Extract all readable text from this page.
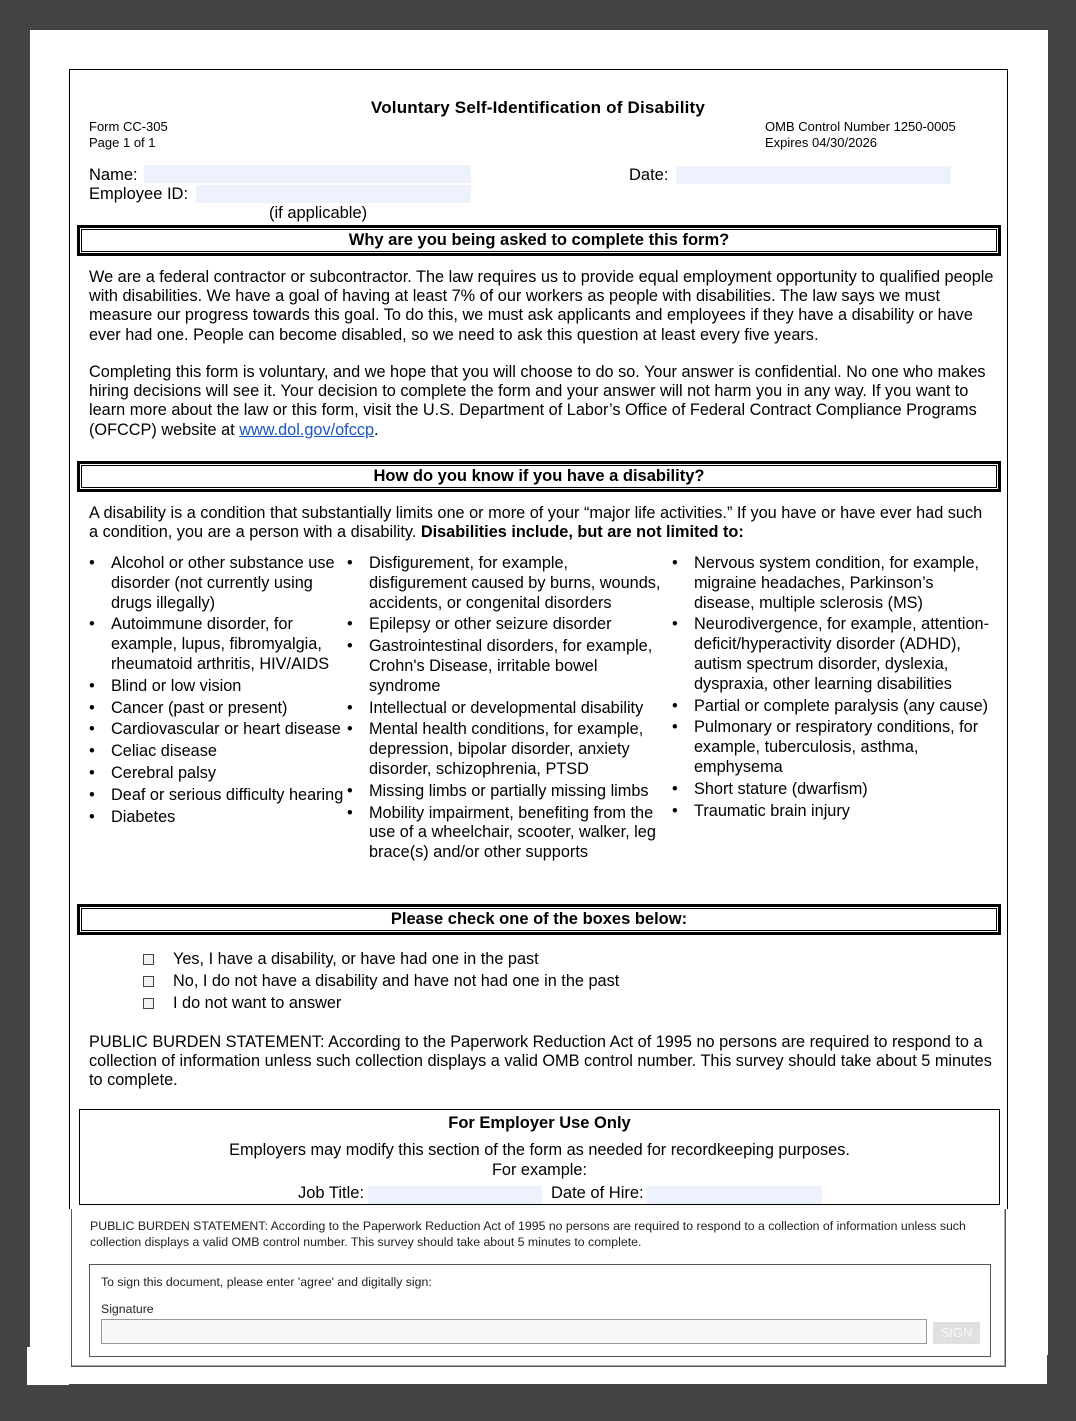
Voluntary Self-Identification of Disability
Form CC-305
Page 1 of 1
OMB Control Number 1250-0005
Expires 04/30/2026
Name:
Employee ID:
(if applicable)
Date:
Why are you being asked to complete this form?
We are a federal contractor or subcontractor. The law requires us to provide equal employment opportunity to qualified people with disabilities. We have a goal of having at least 7% of our workers as people with disabilities. The law says we must measure our progress towards this goal. To do this, we must ask applicants and employees if they have a disability or have ever had one. People can become disabled, so we need to ask this question at least every five years.
Completing this form is voluntary, and we hope that you will choose to do so. Your answer is confidential. No one who makes hiring decisions will see it. Your decision to complete the form and your answer will not harm you in any way. If you want to learn more about the law or this form, visit the U.S. Department of Labor’s Office of Federal Contract Compliance Programs (OFCCP) website at www.dol.gov/ofccp.
How do you know if you have a disability?
A disability is a condition that substantially limits one or more of your “major life activities.” If you have or have ever had such a condition, you are a person with a disability. Disabilities include, but are not limited to:
• Alcohol or other substance use disorder (not currently using drugs illegally)
• Autoimmune disorder, for example, lupus, fibromyalgia, rheumatoid arthritis, HIV/AIDS
• Blind or low vision
• Cancer (past or present)
• Cardiovascular or heart disease
• Celiac disease
• Cerebral palsy
• Deaf or serious difficulty hearing
• Diabetes
• Disfigurement, for example, disfigurement caused by burns, wounds, accidents, or congenital disorders
• Epilepsy or other seizure disorder
• Gastrointestinal disorders, for example, Crohn's Disease, irritable bowel syndrome
• Intellectual or developmental disability
• Mental health conditions, for example, depression, bipolar disorder, anxiety disorder, schizophrenia, PTSD
• Missing limbs or partially missing limbs
• Mobility impairment, benefiting from the use of a wheelchair, scooter, walker, leg brace(s) and/or other supports
• Nervous system condition, for example, migraine headaches, Parkinson’s disease, multiple sclerosis (MS)
• Neurodivergence, for example, attention-deficit/hyperactivity disorder (ADHD), autism spectrum disorder, dyslexia, dyspraxia, other learning disabilities
• Partial or complete paralysis (any cause)
• Pulmonary or respiratory conditions, for example, tuberculosis, asthma, emphysema
• Short stature (dwarfism)
• Traumatic brain injury
Please check one of the boxes below:
Yes, I have a disability, or have had one in the past
No, I do not have a disability and have not had one in the past
I do not want to answer
PUBLIC BURDEN STATEMENT: According to the Paperwork Reduction Act of 1995 no persons are required to respond to a collection of information unless such collection displays a valid OMB control number. This survey should take about 5 minutes to complete.
For Employer Use Only
Employers may modify this section of the form as needed for recordkeeping purposes.
For example:
Job Title:	Date of Hire:
PUBLIC BURDEN STATEMENT: According to the Paperwork Reduction Act of 1995 no persons are required to respond to a collection of information unless such collection displays a valid OMB control number. This survey should take about 5 minutes to complete.
To sign this document, please enter 'agree' and digitally sign:
Signature
SIGN
